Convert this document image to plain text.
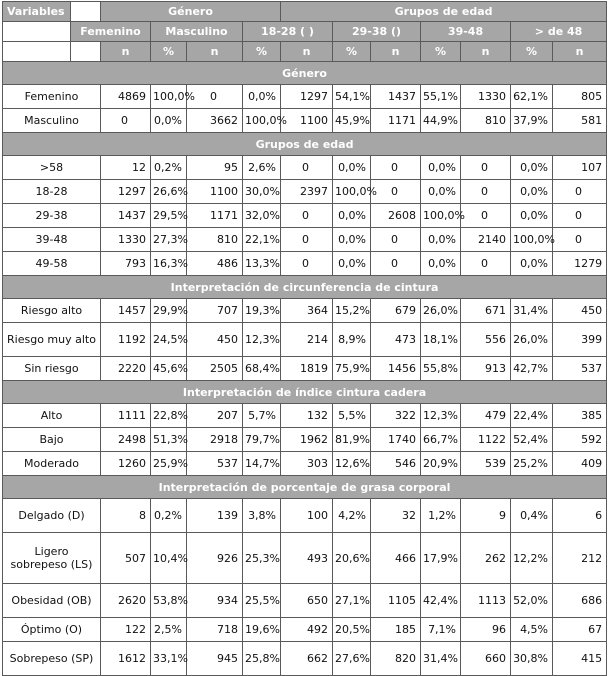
Variables		Género				Grupos de edad							
	Femenino		Masculino		18-28 ( )		29-38 ()		39-48		> de 48		
		n	%	n	%	n	%	n	%	n	%	n	
Género													
Femenino		4869	100,0%	0	0,0%	1297	54,1%	1437	55,1%	1330	62,1%	805	
Masculino		0	0,0%	3662	100,0%	1100	45,9%	1171	44,9%	810	37,9%	581	
Grupos de edad													
>58		12	0,2%	95	2,6%	0	0,0%	0	0,0%	0	0,0%	107	
18-28		1297	26,6%	1100	30,0%	2397	100,0%	0	0,0%	0	0,0%	0	
29-38		1437	29,5%	1171	32,0%	0	0,0%	2608	100,0%	0	0,0%	0	
39-48		1330	27,3%	810	22,1%	0	0,0%	0	0,0%	2140	100,0%	0	
49-58		793	16,3%	486	13,3%	0	0,0%	0	0,0%	0	0,0%	1279	
Interpretación de circunferencia de cintura													
Riesgo alto		1457	29,9%	707	19,3%	364	15,2%	679	26,0%	671	31,4%	450	
Riesgo muy alto		1192	24,5%	450	12,3%	214	8,9%	473	18,1%	556	26,0%	399	
Sin riesgo		2220	45,6%	2505	68,4%	1819	75,9%	1456	55,8%	913	42,7%	537	
Interpretación de índice cintura cadera													
Alto		1111	22,8%	207	5,7%	132	5,5%	322	12,3%	479	22,4%	385	
Bajo		2498	51,3%	2918	79,7%	1962	81,9%	1740	66,7%	1122	52,4%	592	
Moderado		1260	25,9%	537	14,7%	303	12,6%	546	20,9%	539	25,2%	409	
Interpretación de porcentaje de grasa corporal													
Delgado (D)		8	0,2%	139	3,8%	100	4,2%	32	1,2%	9	0,4%	6	
Ligero sobrepeso (LS)		507	10,4%	926	25,3%	493	20,6%	466	17,9%	262	12,2%	212	
Obesidad (OB)		2620	53,8%	934	25,5%	650	27,1%	1105	42,4%	1113	52,0%	686	
Óptimo (O)		122	2,5%	718	19,6%	492	20,5%	185	7,1%	96	4,5%	67	
Sobrepeso (SP)		1612	33,1%	945	25,8%	662	27,6%	820	31,4%	660	30,8%	415	
